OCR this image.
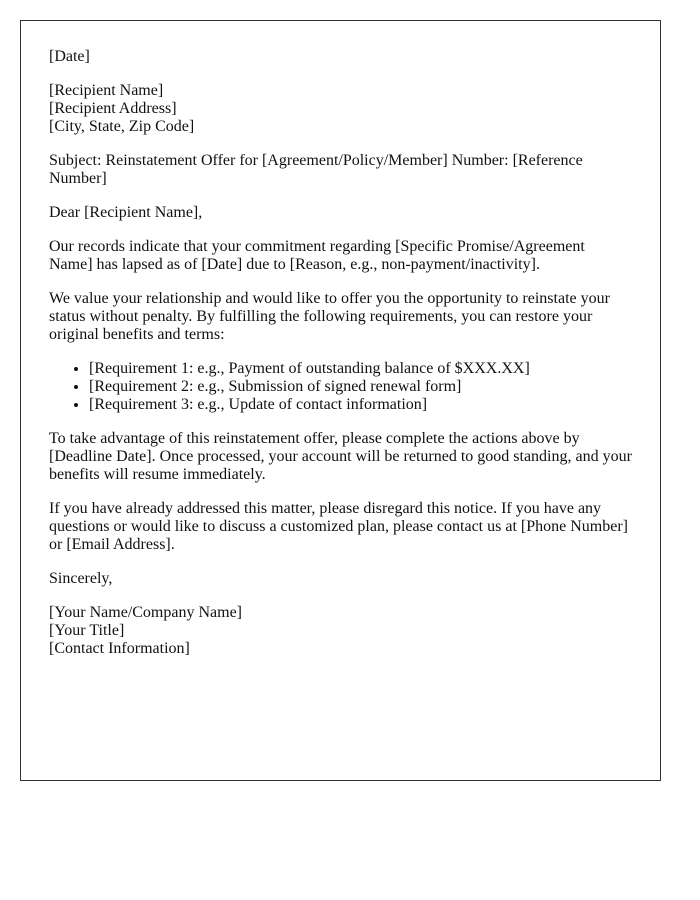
[Date]

[Recipient Name]
[Recipient Address]
[City, State, Zip Code]

Subject: Reinstatement Offer for [Agreement/Policy/Member] Number: [Reference Number]

Dear [Recipient Name],

Our records indicate that your commitment regarding [Specific Promise/Agreement Name] has lapsed as of [Date] due to [Reason, e.g., non-payment/inactivity].

We value your relationship and would like to offer you the opportunity to reinstate your status without penalty. By fulfilling the following requirements, you can restore your original benefits and terms:

• [Requirement 1: e.g., Payment of outstanding balance of $XXX.XX]
• [Requirement 2: e.g., Submission of signed renewal form]
• [Requirement 3: e.g., Update of contact information]

To take advantage of this reinstatement offer, please complete the actions above by [Deadline Date]. Once processed, your account will be returned to good standing, and your benefits will resume immediately.

If you have already addressed this matter, please disregard this notice. If you have any questions or would like to discuss a customized plan, please contact us at [Phone Number] or [Email Address].

Sincerely,

[Your Name/Company Name]
[Your Title]
[Contact Information]
